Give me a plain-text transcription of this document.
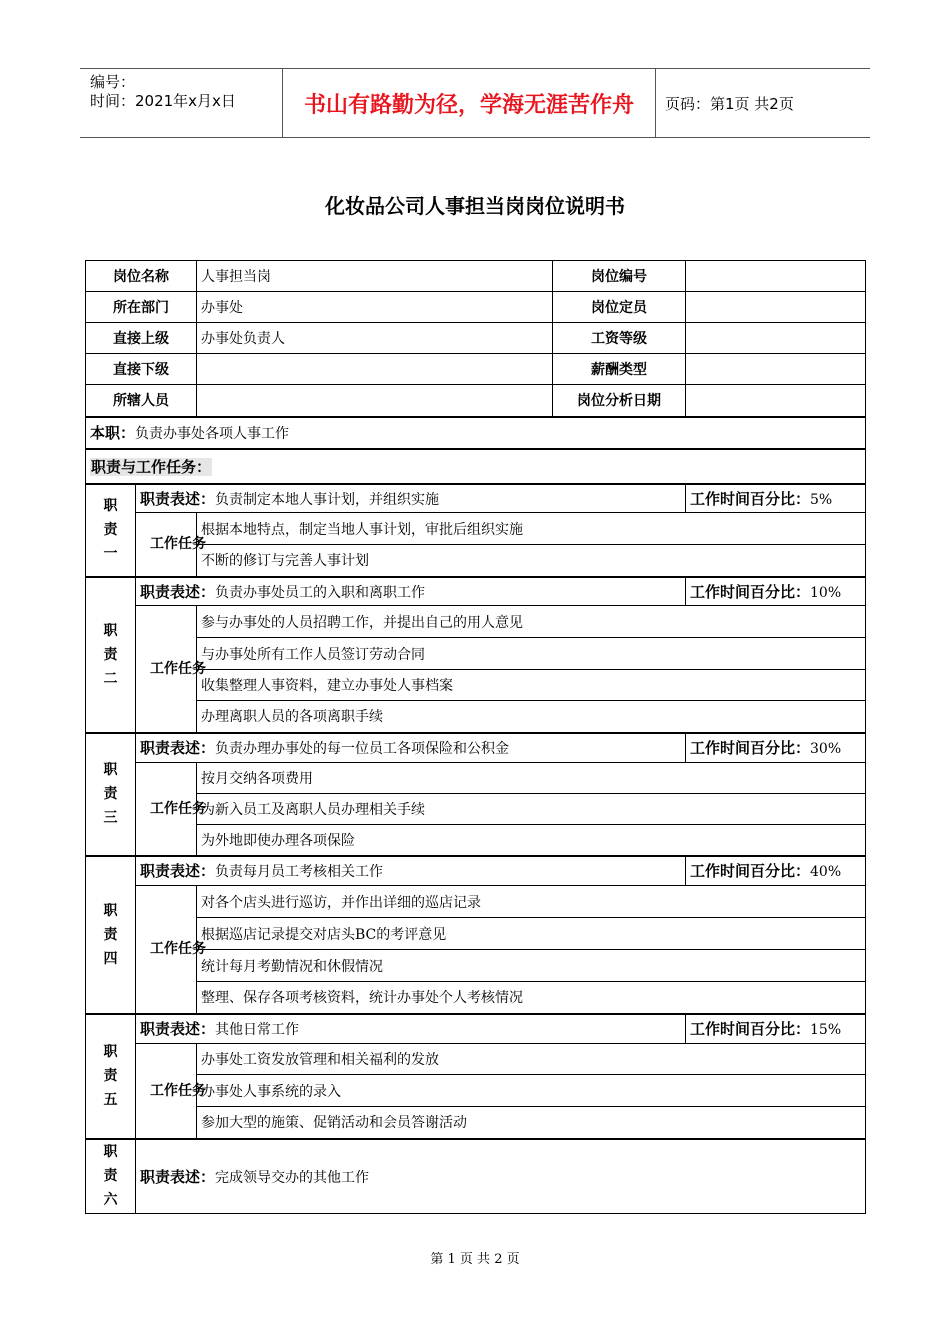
编号：
时间：2021年x月x日	书山有路勤为径，学海无涯苦作舟	页码：第1页 共2页
化妆品公司人事担当岗岗位说明书
岗位名称		人事担当岗	岗位编号	
所在部门		办事处	岗位定员	
直接上级		办事处负责人	工资等级	
直接下级			薪酬类型	
所辖人员			岗位分析日期	
本职：负责办事处各项人事工作				
职责与工作任务：				
职
责
一	职责表述：负责制定本地人事计划，并组织实施			工作时间百分比：5%
	工作任务	根据本地特点，制定当地人事计划，审批后组织实施		
		不断的修订与完善人事计划		
职
责
二	职责表述：负责办事处员工的入职和离职工作			工作时间百分比：10%
	工作任务	参与办事处的人员招聘工作，并提出自己的用人意见		
		与办事处所有工作人员签订劳动合同		
		收集整理人事资料，建立办事处人事档案		
		办理离职人员的各项离职手续		
职
责
三	职责表述：负责办理办事处的每一位员工各项保险和公积金			工作时间百分比：30%
	工作任务	按月交纳各项费用		
		为新入员工及离职人员办理相关手续		
		为外地即使办理各项保险		
职
责
四	职责表述：负责每月员工考核相关工作			工作时间百分比：40%
	工作任务	对各个店头进行巡访，并作出详细的巡店记录		
		根据巡店记录提交对店头BC的考评意见		
		统计每月考勤情况和休假情况		
		整理、保存各项考核资料，统计办事处个人考核情况		
职
责
五	职责表述：其他日常工作			工作时间百分比：15%
	工作任务	办事处工资发放管理和相关福利的发放		
		办事处人事系统的录入		
		参加大型的施策、促销活动和会员答谢活动		
职
责
六	职责表述：完成领导交办的其他工作			
第 1 页 共 2 页
